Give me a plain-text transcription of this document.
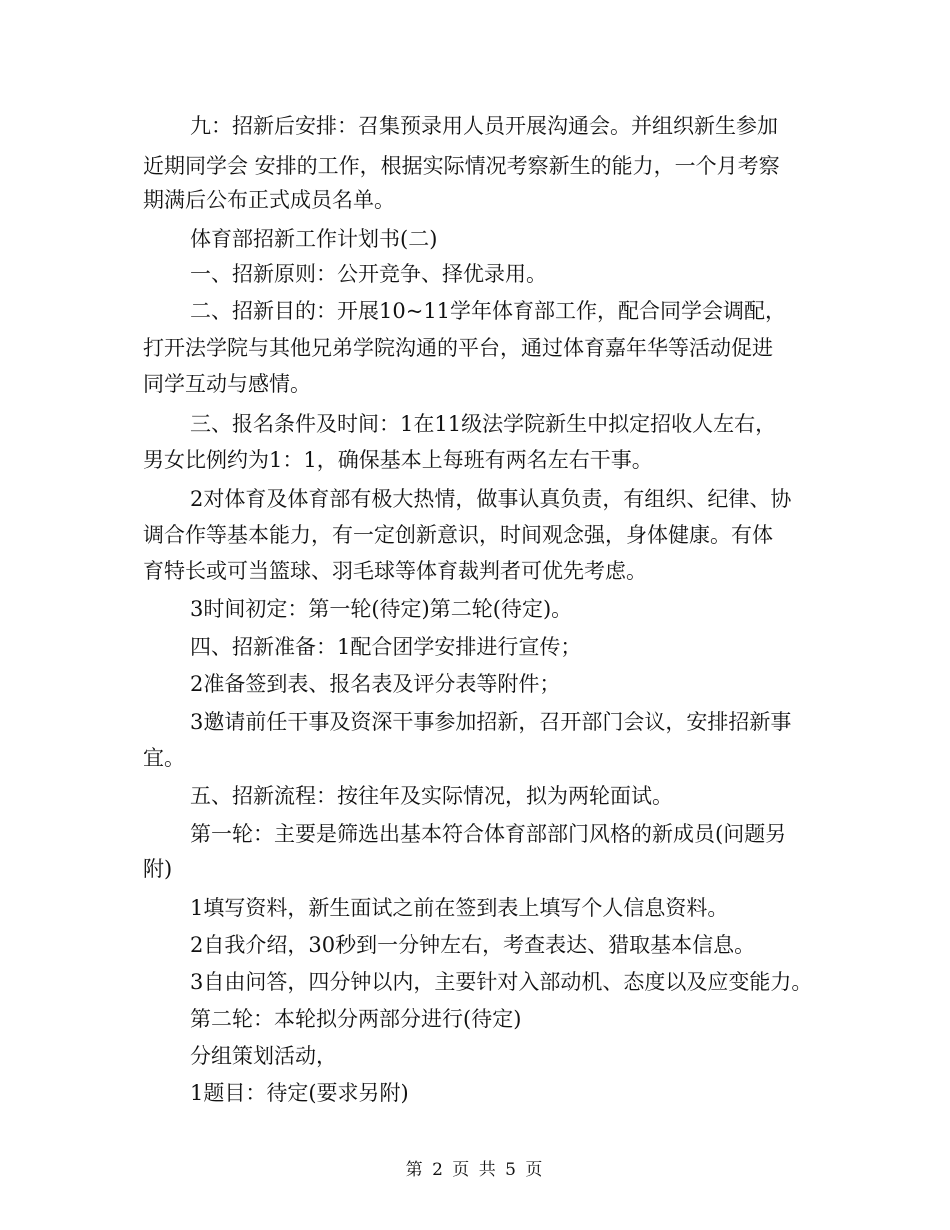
九：招新后安排：召集预录用人员开展沟通会。并组织新生参加
近期同学会 安排的工作，根据实际情况考察新生的能力，一个月考察
期满后公布正式成员名单。
体育部招新工作计划书(二)
一、招新原则：公开竞争、择优录用。
二、招新目的：开展10~11学年体育部工作，配合同学会调配，
打开法学院与其他兄弟学院沟通的平台，通过体育嘉年华等活动促进
同学互动与感情。
三、报名条件及时间：1在11级法学院新生中拟定招收人左右，
男女比例约为1：1，确保基本上每班有两名左右干事。
2对体育及体育部有极大热情，做事认真负责，有组织、纪律、协
调合作等基本能力，有一定创新意识，时间观念强，身体健康。有体
育特长或可当篮球、羽毛球等体育裁判者可优先考虑。
3时间初定：第一轮(待定)第二轮(待定)。
四、招新准备：1配合团学安排进行宣传；
2准备签到表、报名表及评分表等附件；
3邀请前任干事及资深干事参加招新，召开部门会议，安排招新事
宜。
五、招新流程：按往年及实际情况，拟为两轮面试。
第一轮：主要是筛选出基本符合体育部部门风格的新成员(问题另
附)
1填写资料，新生面试之前在签到表上填写个人信息资料。
2自我介绍，30秒到一分钟左右，考查表达、猎取基本信息。
3自由问答，四分钟以内，主要针对入部动机、态度以及应变能力。
第二轮：本轮拟分两部分进行(待定)
分组策划活动，
1题目：待定(要求另附)
第 2 页 共 5 页
